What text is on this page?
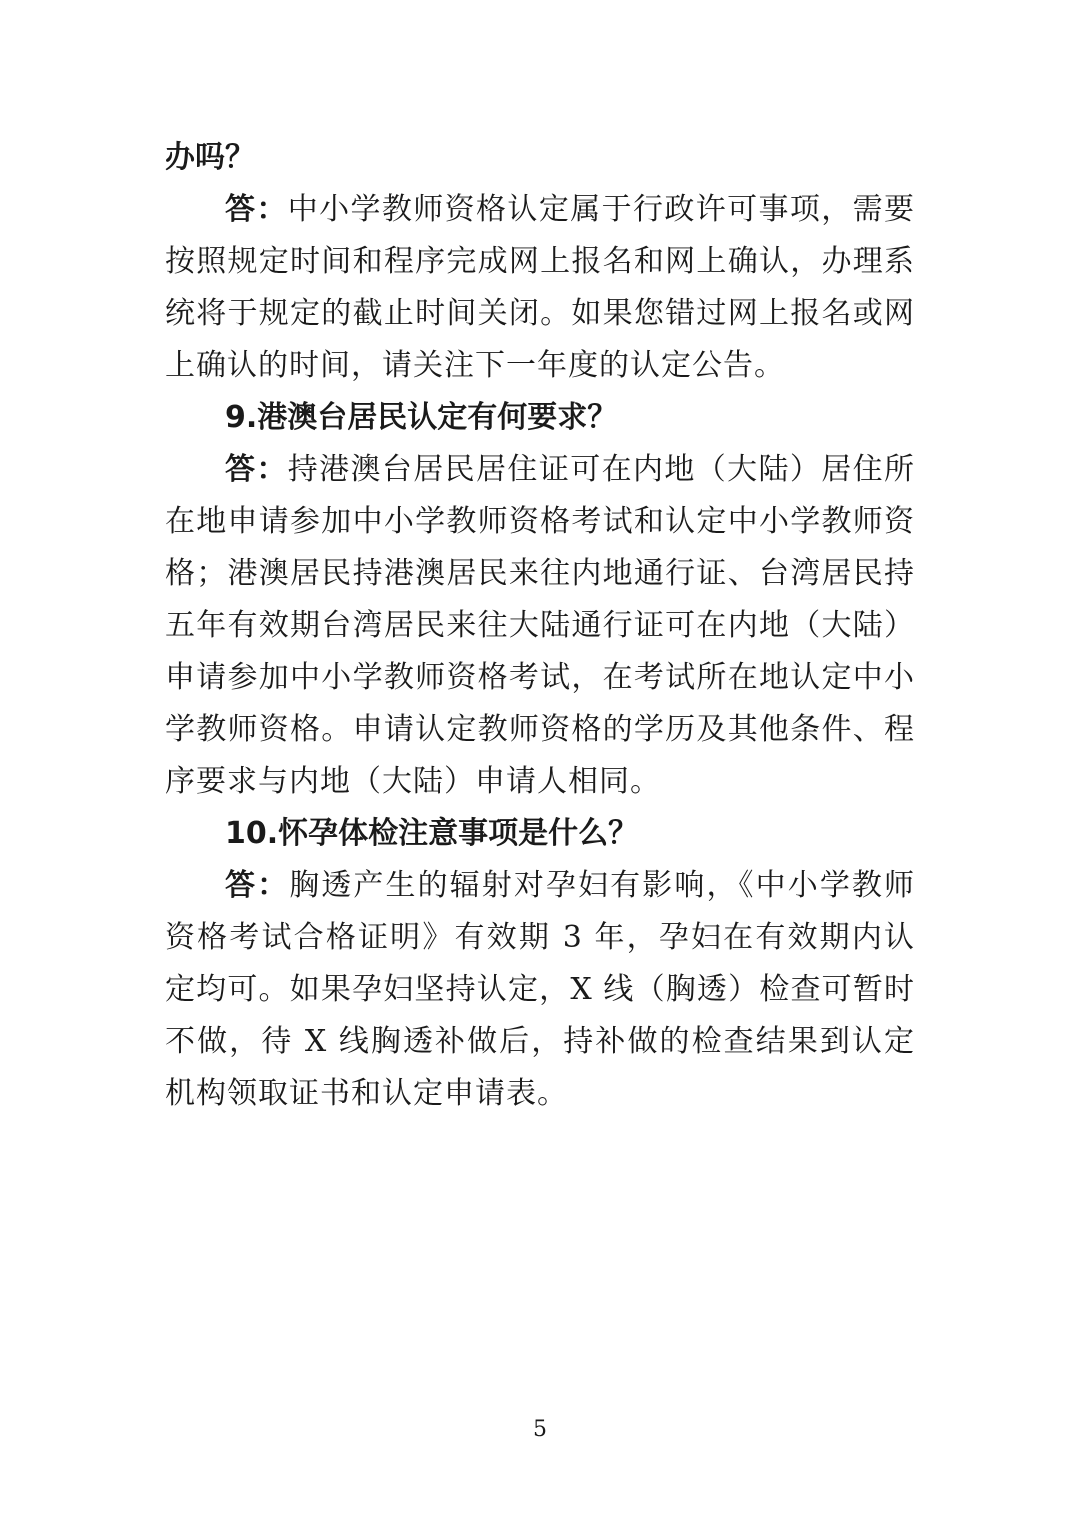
办吗？

答：中小学教师资格认定属于行政许可事项，需要按照规定时间和程序完成网上报名和网上确认，办理系统将于规定的截止时间关闭。如果您错过网上报名或网上确认的时间，请关注下一年度的认定公告。

9.港澳台居民认定有何要求？

答：持港澳台居民居住证可在内地（大陆）居住所在地申请参加中小学教师资格考试和认定中小学教师资格；港澳居民持港澳居民来往内地通行证、台湾居民持五年有效期台湾居民来往大陆通行证可在内地（大陆）申请参加中小学教师资格考试，在考试所在地认定中小学教师资格。申请认定教师资格的学历及其他条件、程序要求与内地（大陆）申请人相同。

10.怀孕体检注意事项是什么？

答：胸透产生的辐射对孕妇有影响，《中小学教师资格考试合格证明》有效期 3 年，孕妇在有效期内认定均可。如果孕妇坚持认定，X 线（胸透）检查可暂时不做，待 X 线胸透补做后，持补做的检查结果到认定机构领取证书和认定申请表。

5
